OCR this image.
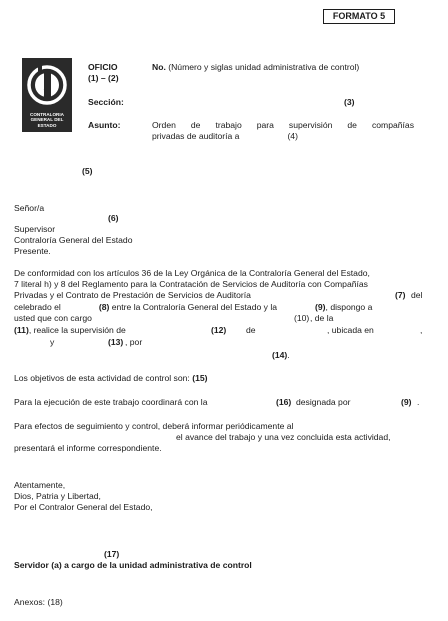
FORMATO 5
E
CONTRALORIA GENERAL DEL ESTADO
OFICIO
(1) – (2)
No. (Número y siglas unidad administrativa de control)
Sección:	(3)
Asunto:	Orden de trabajo para supervisión de compañías
privadas de auditoría a	(4)
(5)
Señor/a
(6)
Supervisor
Contraloría General del Estado
Presente.
De conformidad con los artículos 36 de la Ley Orgánica de la Contraloría General del Estado,
7 literal h) y 8 del Reglamento para la Contratación de Servicios de Auditoría con Compañías
Privadas y el Contrato de Prestación de Servicios de Auditoría	(7) del
celebrado el	(8) entre la Contraloría General del Estado y la	(9), dispongo a
usted que con cargo	(10) , de la
(11), realice la supervisión de	(12) de	, ubicada en	,
y	(13) , por
(14).
Los objetivos de esta actividad de control son: (15)
Para la ejecución de este trabajo coordinará con la	(16) designada por	(9) .
Para efectos de seguimiento y control, deberá informar periódicamente al
el avance del trabajo y una vez concluida esta actividad,
presentará el informe correspondiente.
Atentamente,
Dios, Patria y Libertad,
Por el Contralor General del Estado,
(17)
Servidor (a) a cargo de la unidad administrativa de control
Anexos: (18)
